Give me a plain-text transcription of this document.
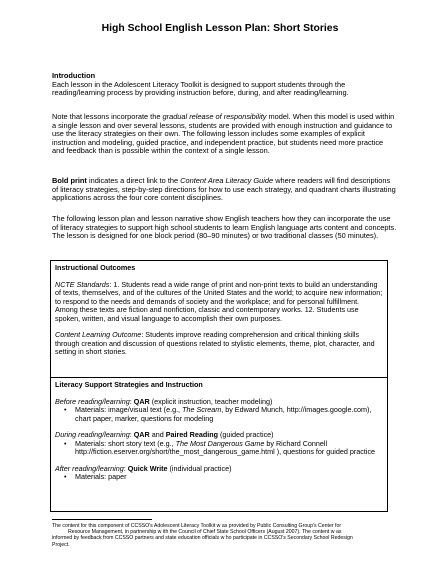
High School English Lesson Plan: Short Stories

Introduction

Each lesson in the Adolescent Literacy Toolkit is designed to support students through the reading/learning process by providing instruction before, during, and after reading/learning.

Note that lessons incorporate the gradual release of responsibility model. When this model is used within a single lesson and over several lessons, students are provided with enough instruction and guidance to use the literacy strategies on their own. The following lesson includes some examples of explicit instruction and modeling, guided practice, and independent practice, but students need more practice and feedback than is possible within the context of a single lesson.

Bold print indicates a direct link to the Content Area Literacy Guide where readers will find descriptions of literacy strategies, step-by-step directions for how to use each strategy, and quadrant charts illustrating applications across the four core content disciplines.

The following lesson plan and lesson narrative show English teachers how they can incorporate the use of literacy strategies to support high school students to learn English language arts content and concepts. The lesson is designed for one block period (80–90 minutes) or two traditional classes (50 minutes).

Instructional Outcomes

NCTE Standards: 1. Students read a wide range of print and non-print texts to build an understanding of texts, themselves, and of the cultures of the United States and the world; to acquire new information; to respond to the needs and demands of society and the workplace; and for personal fulfillment. Among these texts are fiction and nonfiction, classic and contemporary works. 12. Students use spoken, written, and visual language to accomplish their own purposes.

Content Learning Outcome: Students improve reading comprehension and critical thinking skills through creation and discussion of questions related to stylistic elements, theme, plot, character, and setting in short stories.

Literacy Support Strategies and Instruction

Before reading/learning: QAR (explicit instruction, teacher modeling)

• Materials: image/visual text (e.g., The Scream, by Edward Munch, http://images.google.com), chart paper, marker, questions for modeling

During reading/learning: QAR and Paired Reading (guided practice)

• Materials: short story text (e.g., The Most Dangerous Game by Richard Connell http://fiction.eserver.org/short/the_most_dangerous_game.html ), questions for guided practice

After reading/learning: Quick Write (individual practice)

• Materials: paper

The content for this component of CCSSO's Adolescent Literacy Toolkit w as provided by Public Consulting Group's Center for
Resource Management, in partnership w ith the Council of Chief State School Officers (August 2007). The content w as
informed by feedback from CCSSO partners and state education officials w ho participate in CCSSO's Secondary School Redesign
Project.
